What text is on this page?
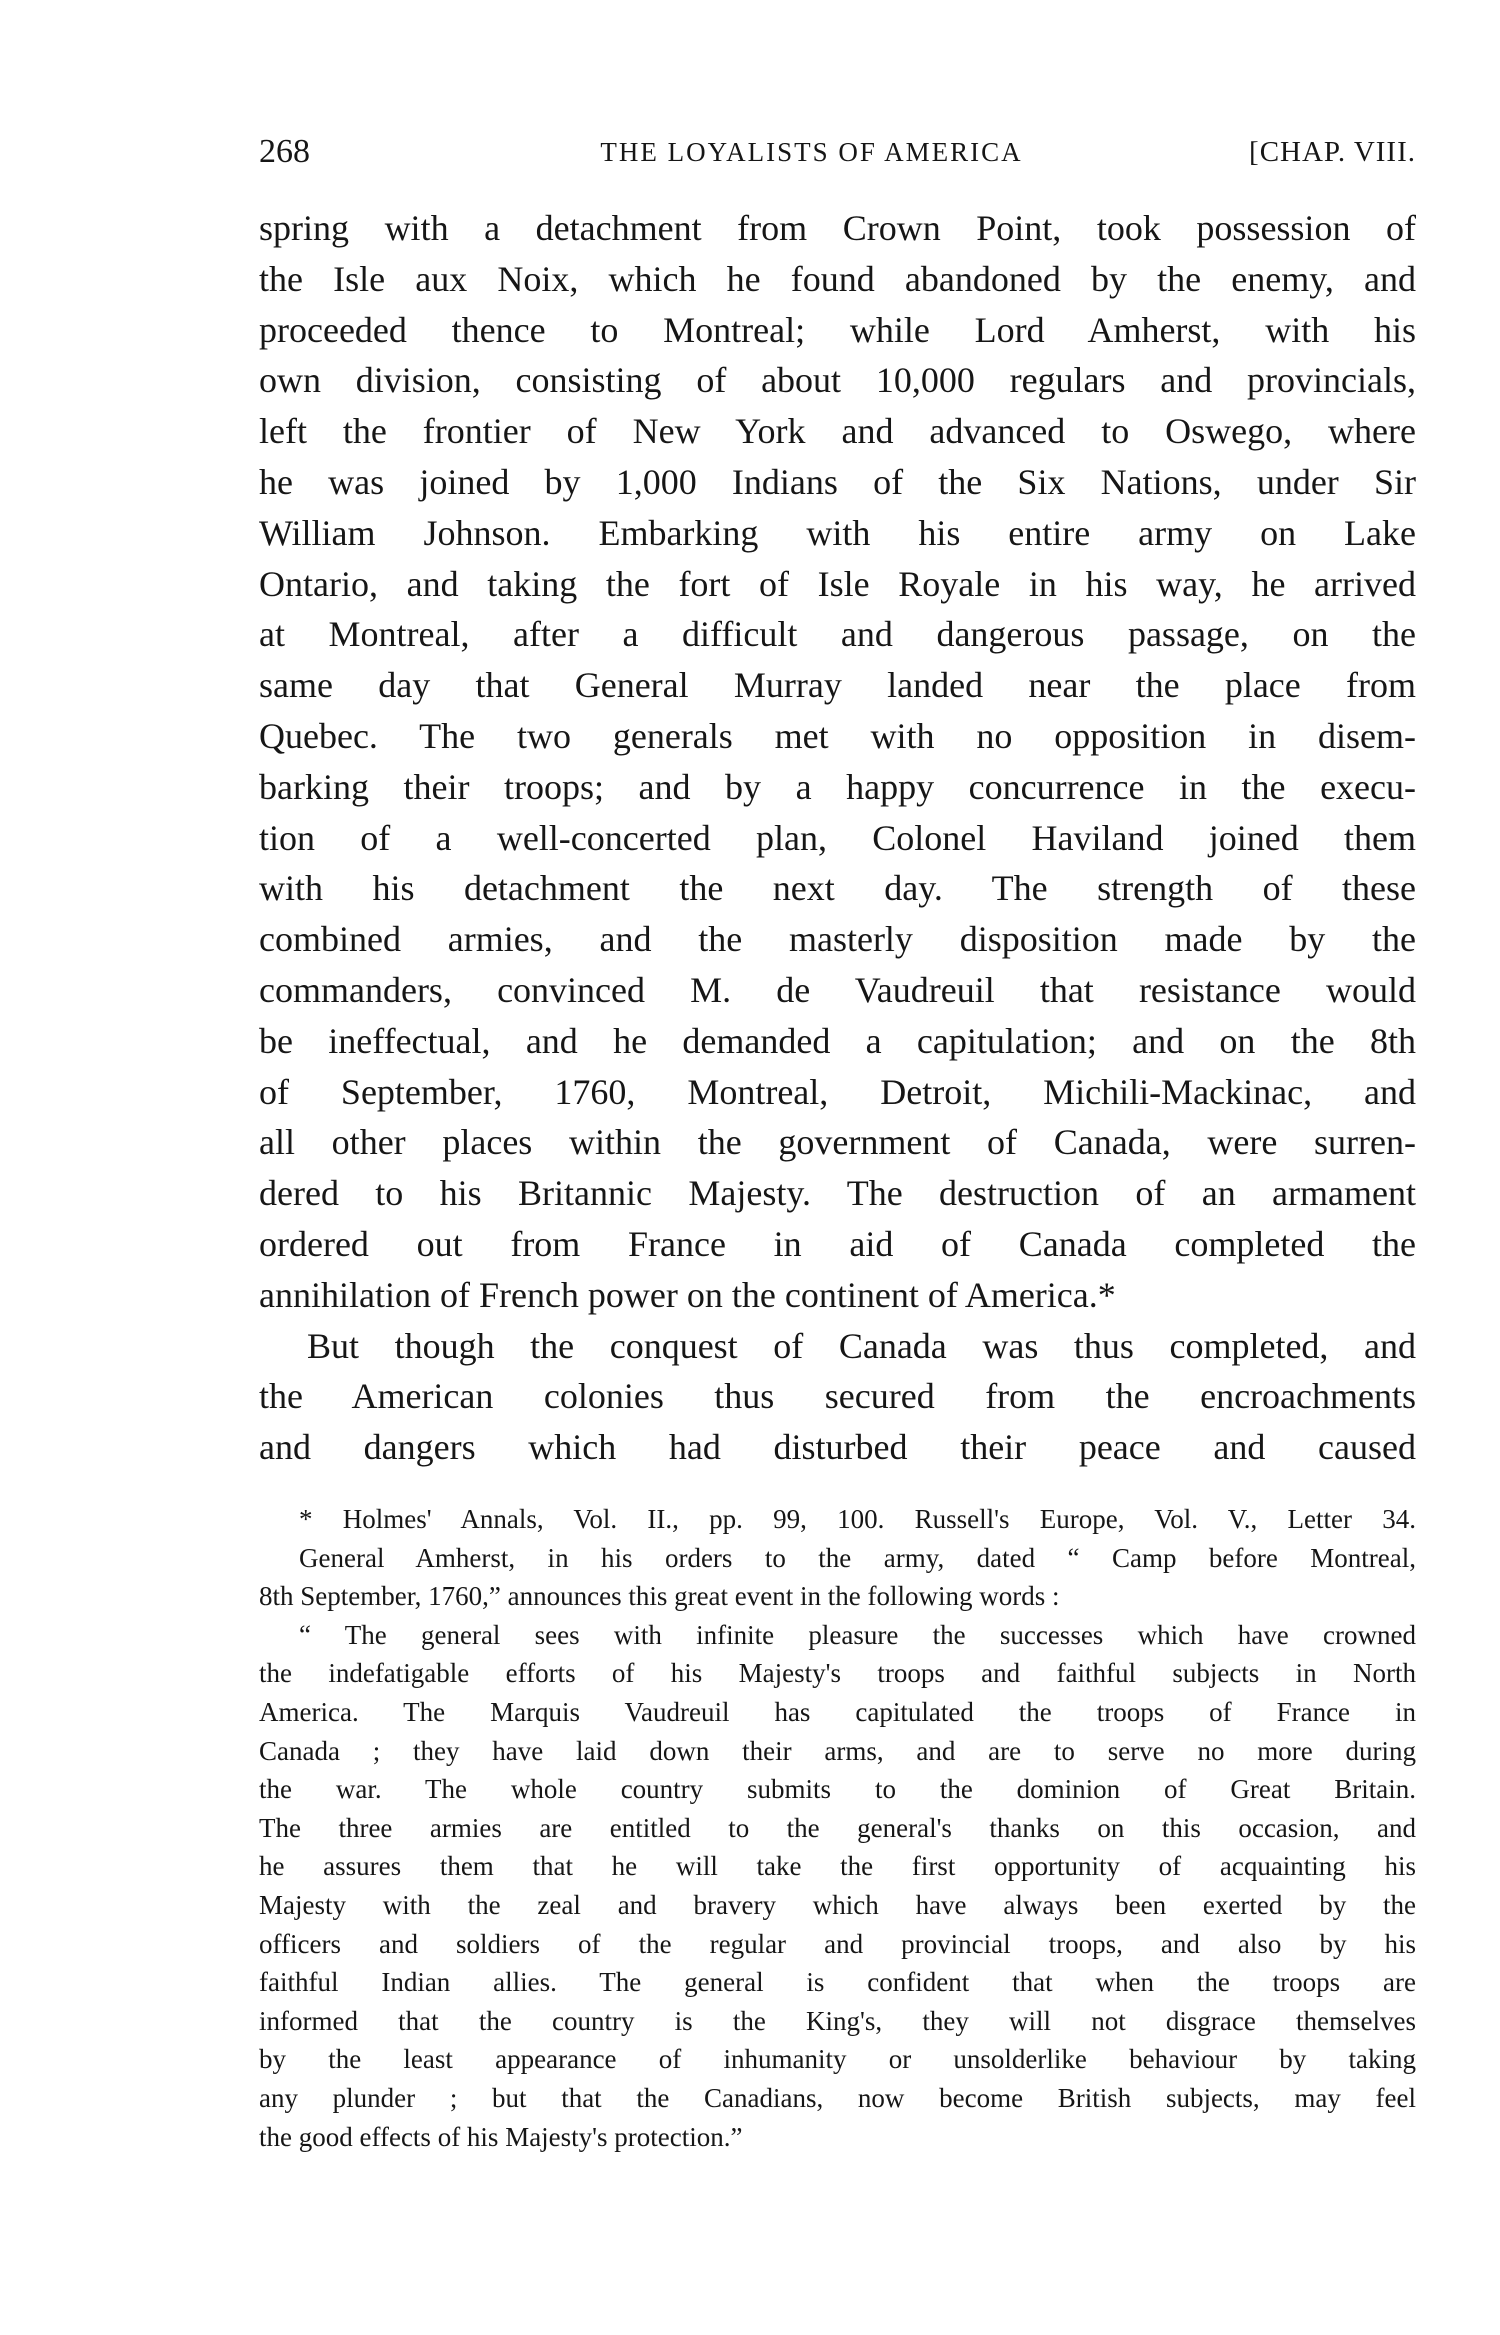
268	THE LOYALISTS OF AMERICA	[CHAP. VIII.
spring with a detachment from Crown Point, took possession of
the Isle aux Noix, which he found abandoned by the enemy, and
proceeded thence to Montreal; while Lord Amherst, with his
own division, consisting of about 10,000 regulars and provincials,
left the frontier of New York and advanced to Oswego, where
he was joined by 1,000 Indians of the Six Nations, under Sir
William Johnson. Embarking with his entire army on Lake
Ontario, and taking the fort of Isle Royale in his way, he arrived
at Montreal, after a difficult and dangerous passage, on the
same day that General Murray landed near the place from
Quebec. The two generals met with no opposition in disem-
barking their troops; and by a happy concurrence in the execu-
tion of a well-concerted plan, Colonel Haviland joined them
with his detachment the next day. The strength of these
combined armies, and the masterly disposition made by the
commanders, convinced M. de Vaudreuil that resistance would
be ineffectual, and he demanded a capitulation; and on the 8th
of September, 1760, Montreal, Detroit, Michili-Mackinac, and
all other places within the government of Canada, were surren-
dered to his Britannic Majesty. The destruction of an armament
ordered out from France in aid of Canada completed the
annihilation of French power on the continent of America.*
But though the conquest of Canada was thus completed, and
the American colonies thus secured from the encroachments
and dangers which had disturbed their peace and caused
* Holmes' Annals, Vol. II., pp. 99, 100. Russell's Europe, Vol. V., Letter 34.
General Amherst, in his orders to the army, dated “ Camp before Montreal,
8th September, 1760,” announces this great event in the following words :
“ The general sees with infinite pleasure the successes which have crowned
the indefatigable efforts of his Majesty's troops and faithful subjects in North
America. The Marquis Vaudreuil has capitulated the troops of France in
Canada ; they have laid down their arms, and are to serve no more during
the war. The whole country submits to the dominion of Great Britain.
The three armies are entitled to the general's thanks on this occasion, and
he assures them that he will take the first opportunity of acquainting his
Majesty with the zeal and bravery which have always been exerted by the
officers and soldiers of the regular and provincial troops, and also by his
faithful Indian allies. The general is confident that when the troops are
informed that the country is the King's, they will not disgrace themselves
by the least appearance of inhumanity or unsolderlike behaviour by taking
any plunder ; but that the Canadians, now become British subjects, may feel
the good effects of his Majesty's protection.”
